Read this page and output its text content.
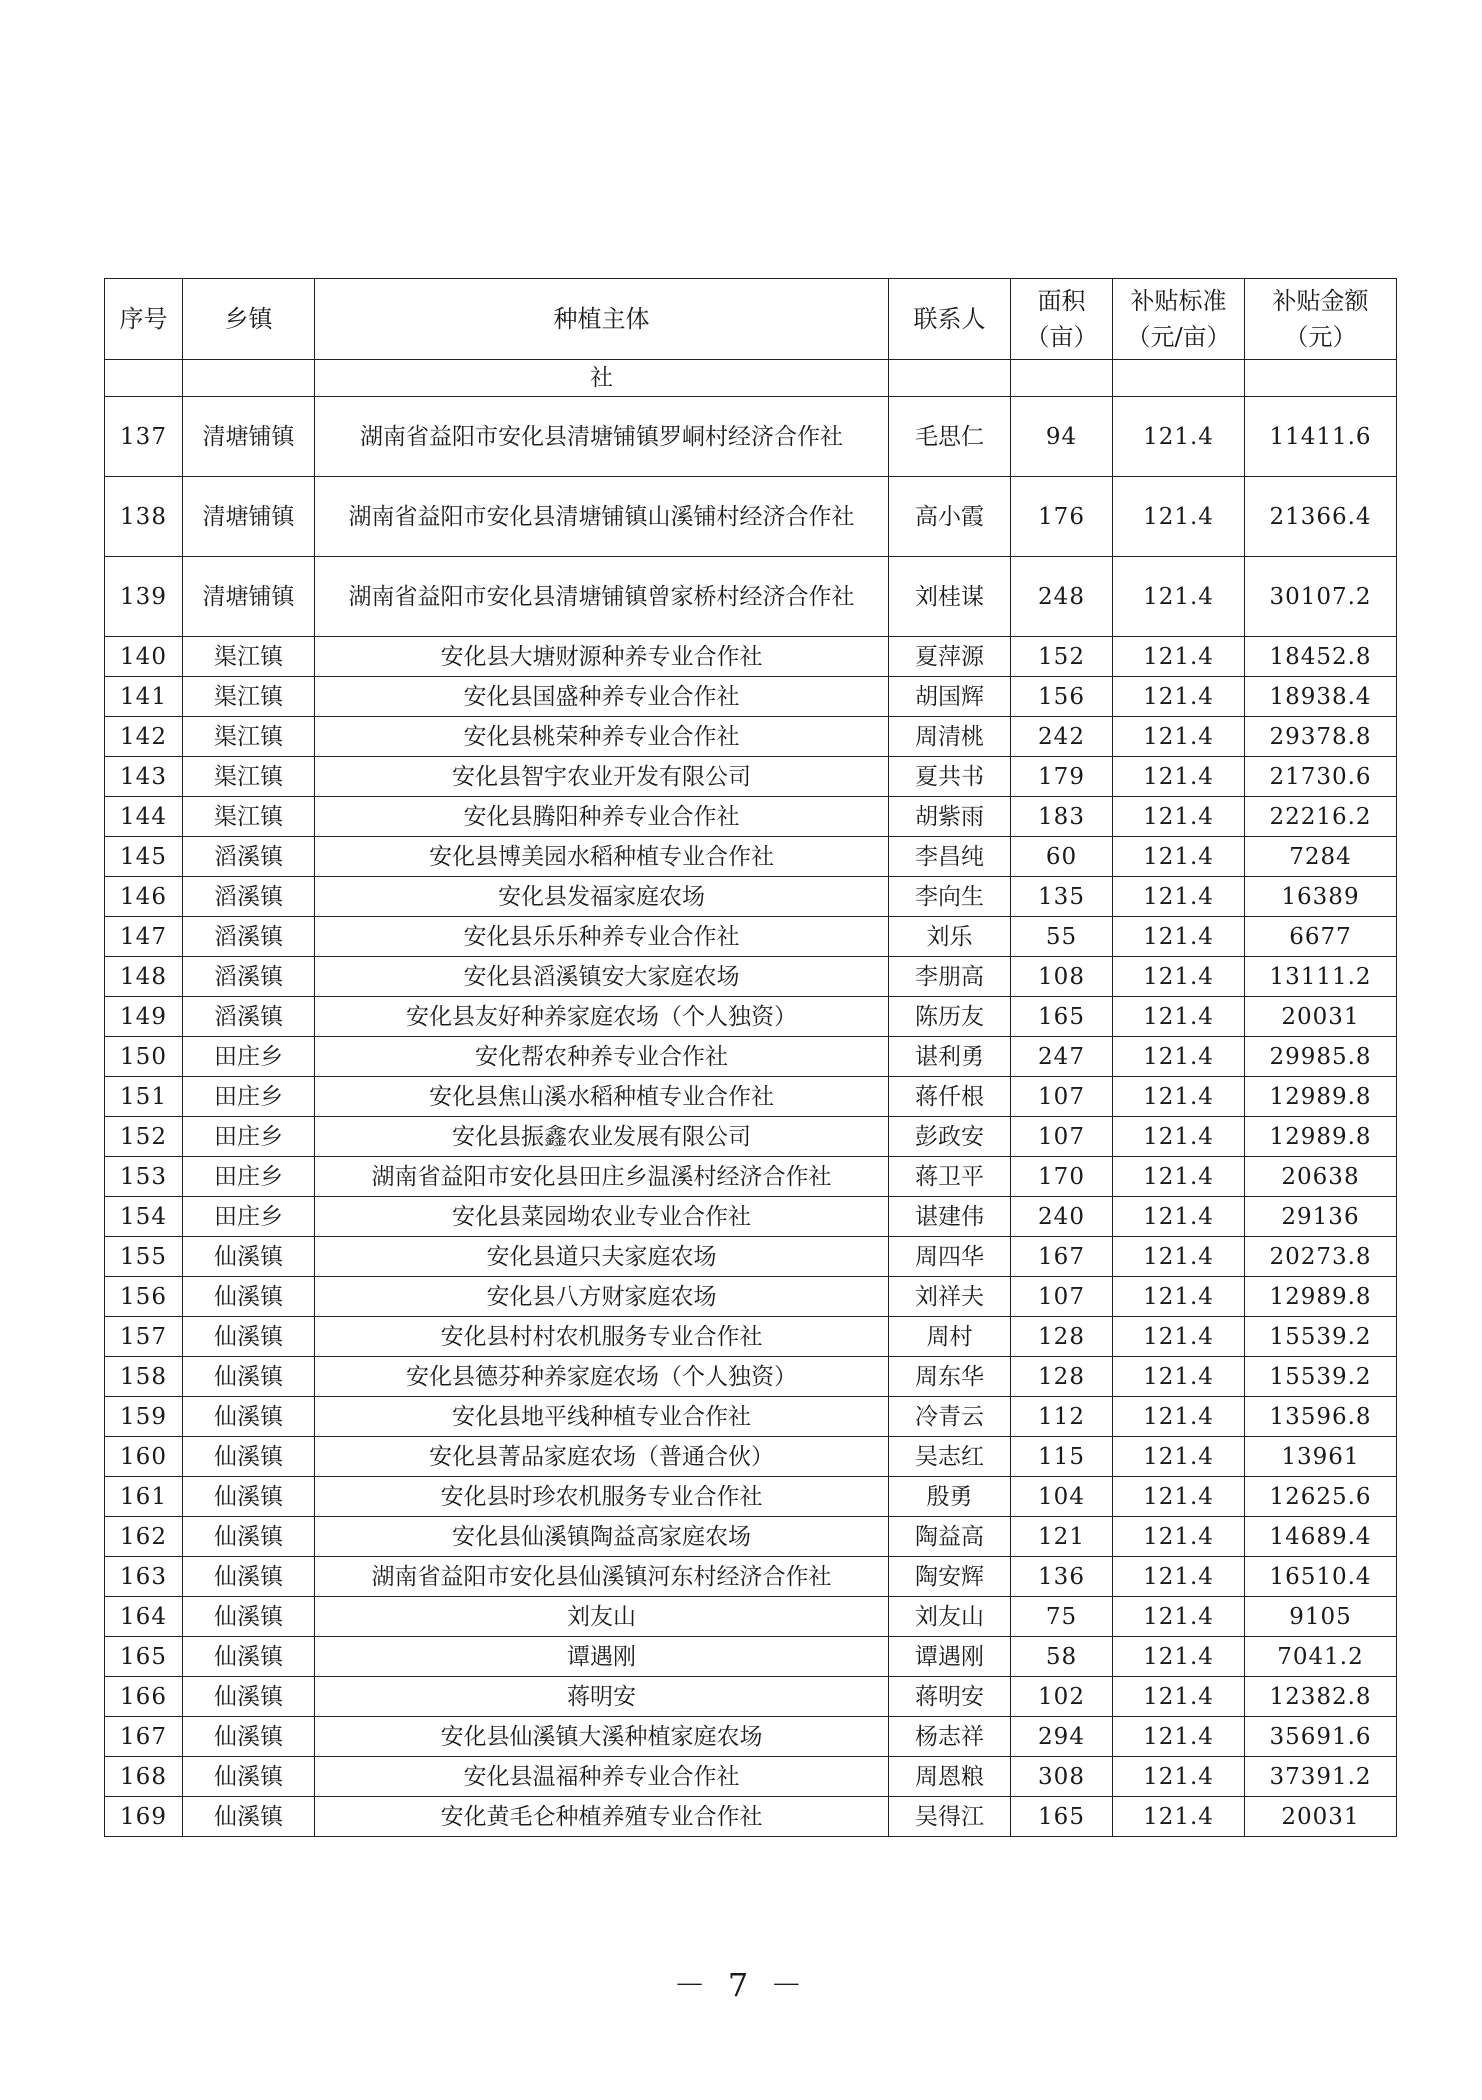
序号	乡镇	种植主体	联系人	面积（亩）	补贴标准（元/亩）	补贴金额（元）
		社				
137	清塘铺镇	湖南省益阳市安化县清塘铺镇罗峒村经济合作社	毛思仁	94	121.4	11411.6
138	清塘铺镇	湖南省益阳市安化县清塘铺镇山溪铺村经济合作社	高小霞	176	121.4	21366.4
139	清塘铺镇	湖南省益阳市安化县清塘铺镇曾家桥村经济合作社	刘桂谋	248	121.4	30107.2
140	渠江镇	安化县大塘财源种养专业合作社	夏萍源	152	121.4	18452.8
141	渠江镇	安化县国盛种养专业合作社	胡国辉	156	121.4	18938.4
142	渠江镇	安化县桃荣种养专业合作社	周清桃	242	121.4	29378.8
143	渠江镇	安化县智宇农业开发有限公司	夏共书	179	121.4	21730.6
144	渠江镇	安化县腾阳种养专业合作社	胡紫雨	183	121.4	22216.2
145	滔溪镇	安化县博美园水稻种植专业合作社	李昌纯	60	121.4	7284
146	滔溪镇	安化县发福家庭农场	李向生	135	121.4	16389
147	滔溪镇	安化县乐乐种养专业合作社	刘乐	55	121.4	6677
148	滔溪镇	安化县滔溪镇安大家庭农场	李朋高	108	121.4	13111.2
149	滔溪镇	安化县友好种养家庭农场（个人独资）	陈历友	165	121.4	20031
150	田庄乡	安化帮农种养专业合作社	谌利勇	247	121.4	29985.8
151	田庄乡	安化县焦山溪水稻种植专业合作社	蒋仟根	107	121.4	12989.8
152	田庄乡	安化县振鑫农业发展有限公司	彭政安	107	121.4	12989.8
153	田庄乡	湖南省益阳市安化县田庄乡温溪村经济合作社	蒋卫平	170	121.4	20638
154	田庄乡	安化县菜园坳农业专业合作社	谌建伟	240	121.4	29136
155	仙溪镇	安化县道只夫家庭农场	周四华	167	121.4	20273.8
156	仙溪镇	安化县八方财家庭农场	刘祥夫	107	121.4	12989.8
157	仙溪镇	安化县村村农机服务专业合作社	周村	128	121.4	15539.2
158	仙溪镇	安化县德芬种养家庭农场（个人独资）	周东华	128	121.4	15539.2
159	仙溪镇	安化县地平线种植专业合作社	冷青云	112	121.4	13596.8
160	仙溪镇	安化县菁品家庭农场（普通合伙）	吴志红	115	121.4	13961
161	仙溪镇	安化县时珍农机服务专业合作社	殷勇	104	121.4	12625.6
162	仙溪镇	安化县仙溪镇陶益高家庭农场	陶益高	121	121.4	14689.4
163	仙溪镇	湖南省益阳市安化县仙溪镇河东村经济合作社	陶安辉	136	121.4	16510.4
164	仙溪镇	刘友山	刘友山	75	121.4	9105
165	仙溪镇	谭遇刚	谭遇刚	58	121.4	7041.2
166	仙溪镇	蒋明安	蒋明安	102	121.4	12382.8
167	仙溪镇	安化县仙溪镇大溪种植家庭农场	杨志祥	294	121.4	35691.6
168	仙溪镇	安化县温福种养专业合作社	周恩粮	308	121.4	37391.2
169	仙溪镇	安化黄毛仑种植养殖专业合作社	吴得江	165	121.4	20031
－ 7 －
